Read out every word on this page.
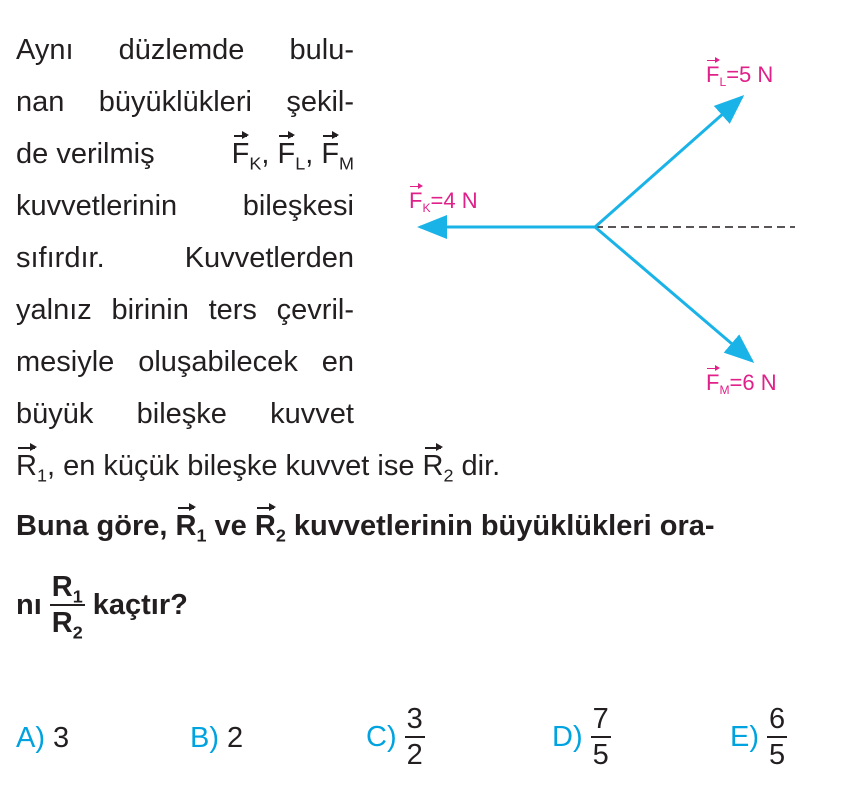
Aynı düzlemde bulu-
nan büyüklükleri şekil-
de verilmiş	$F_K$, $F_L$, $F_M$
kuvvetlerinin bileşkesi
sıfırdır. Kuvvetlerden
yalnız birinin ters çevril-
mesiyle oluşabilecek en
büyük bileşke kuvvet
$R_1$, en küçük bileşke kuvvet ise $R_2$ dir.
$F_K=4$ N
$F_L=5$ N
$F_M=6$ N
Buna göre, $R_1$ ve $R_2$ kuvvetlerinin büyüklükleri ora-
nı $\frac{R_1}{R_2}$ kaçtır?
A) 3	B) 2	$C) \frac{3}{2}$	$D) \frac{7}{5}$	$E) \frac{6}{5}$
